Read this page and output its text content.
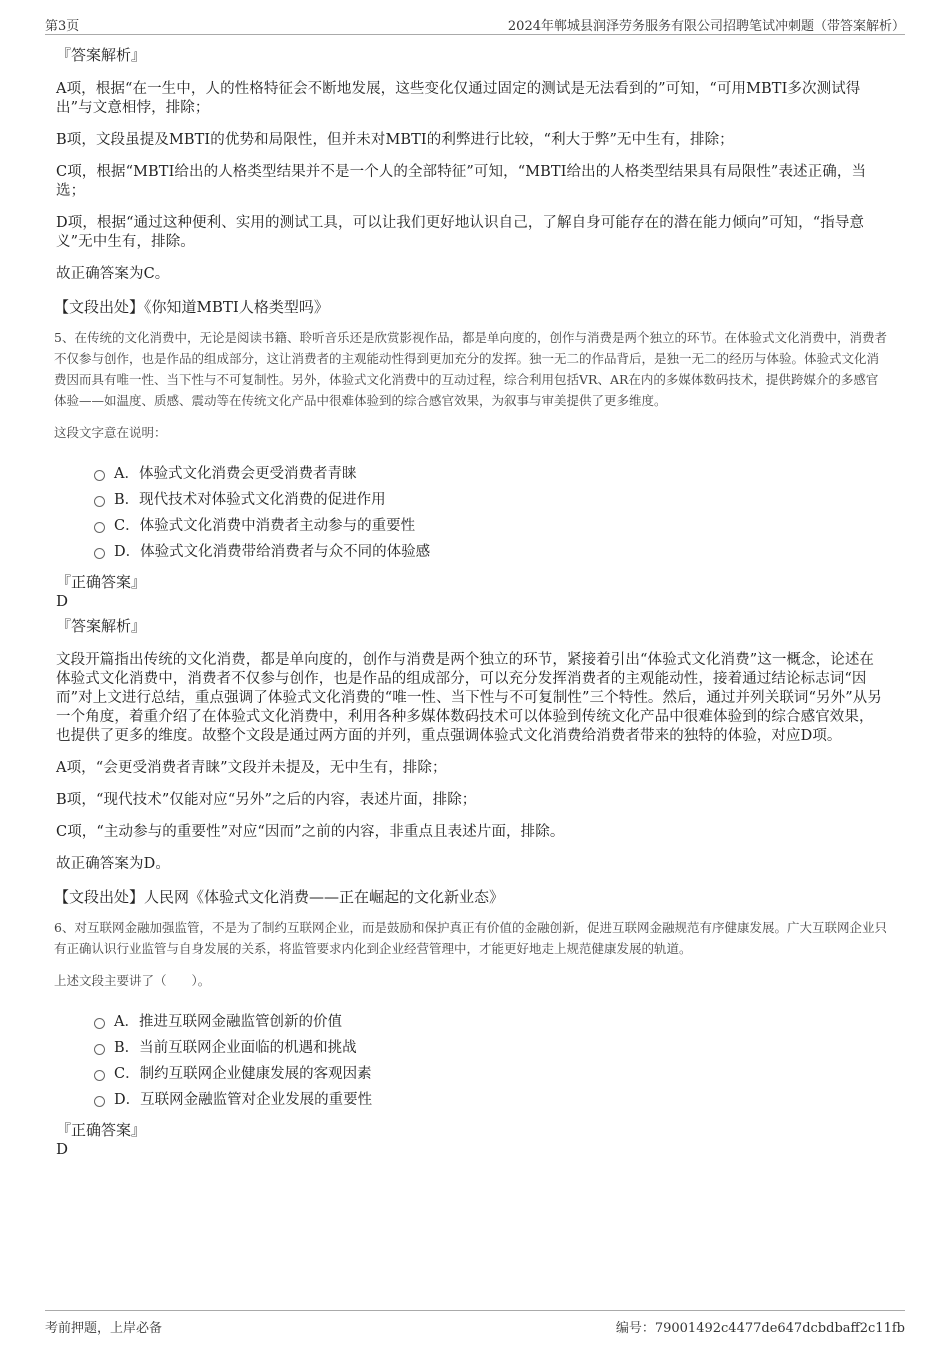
第3页	2024年郸城县润泽劳务服务有限公司招聘笔试冲刺题（带答案解析）

『答案解析』

A项，根据“在一生中，人的性格特征会不断地发展，这些变化仅通过固定的测试是无法看到的”可知，“可用MBTI多次测试得出”与文意相悖，排除；

B项，文段虽提及MBTI的优势和局限性，但并未对MBTI的利弊进行比较，“利大于弊”无中生有，排除；

C项，根据“MBTI给出的人格类型结果并不是一个人的全部特征”可知，“MBTI给出的人格类型结果具有局限性”表述正确，当选；

D项，根据“通过这种便利、实用的测试工具，可以让我们更好地认识自己，了解自身可能存在的潜在能力倾向”可知，“指导意义”无中生有，排除。

故正确答案为C。

【文段出处】《你知道MBTI人格类型吗》

5、在传统的文化消费中，无论是阅读书籍、聆听音乐还是欣赏影视作品，都是单向度的，创作与消费是两个独立的环节。在体验式文化消费中，消费者不仅参与创作，也是作品的组成部分，这让消费者的主观能动性得到更加充分的发挥。独一无二的作品背后，是独一无二的经历与体验。体验式文化消费因而具有唯一性、当下性与不可复制性。另外，体验式文化消费中的互动过程，综合利用包括VR、AR在内的多媒体数码技术，提供跨媒介的多感官体验——如温度、质感、震动等在传统文化产品中很难体验到的综合感官效果，为叙事与审美提供了更多维度。

这段文字意在说明：

A．体验式文化消费会更受消费者青睐
B．现代技术对体验式文化消费的促进作用
C．体验式文化消费中消费者主动参与的重要性
D．体验式文化消费带给消费者与众不同的体验感

『正确答案』

D

『答案解析』

文段开篇指出传统的文化消费，都是单向度的，创作与消费是两个独立的环节，紧接着引出“体验式文化消费”这一概念，论述在体验式文化消费中，消费者不仅参与创作，也是作品的组成部分，可以充分发挥消费者的主观能动性，接着通过结论标志词“因而”对上文进行总结，重点强调了体验式文化消费的“唯一性、当下性与不可复制性”三个特性。然后，通过并列关联词“另外”从另一个角度，着重介绍了在体验式文化消费中，利用各种多媒体数码技术可以体验到传统文化产品中很难体验到的综合感官效果，也提供了更多的维度。故整个文段是通过两方面的并列，重点强调体验式文化消费给消费者带来的独特的体验，对应D项。

A项，“会更受消费者青睐”文段并未提及，无中生有，排除；

B项，“现代技术”仅能对应“另外”之后的内容，表述片面，排除；

C项，“主动参与的重要性”对应“因而”之前的内容，非重点且表述片面，排除。

故正确答案为D。

【文段出处】人民网《体验式文化消费——正在崛起的文化新业态》

6、对互联网金融加强监管，不是为了制约互联网企业，而是鼓励和保护真正有价值的金融创新，促进互联网金融规范有序健康发展。广大互联网企业只有正确认识行业监管与自身发展的关系，将监管要求内化到企业经营管理中，才能更好地走上规范健康发展的轨道。

上述文段主要讲了（　　）。

A．推进互联网金融监管创新的价值
B．当前互联网企业面临的机遇和挑战
C．制约互联网企业健康发展的客观因素
D．互联网金融监管对企业发展的重要性

『正确答案』

D

考前押题，上岸必备	编号：79001492c4477de647dcbdbaff2c11fb
